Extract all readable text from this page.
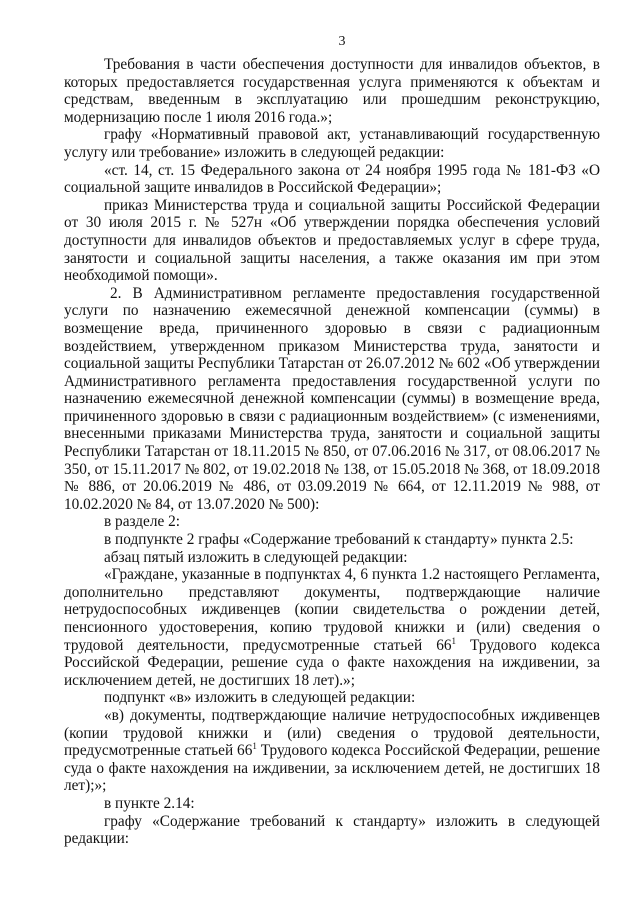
3

Требования в части обеспечения доступности для инвалидов объектов, в которых предоставляется государственная услуга применяются к объектам и средствам, введенным в эксплуатацию или прошедшим реконструкцию, модернизацию после 1 июля 2016 года.»;

графу «Нормативный правовой акт, устанавливающий государственную услугу или требование» изложить в следующей редакции:

«ст. 14, ст. 15 Федерального закона от 24 ноября 1995 года № 181-ФЗ «О социальной защите инвалидов в Российской Федерации»;

приказ Министерства труда и социальной защиты Российской Федерации от 30 июля 2015 г. № 527н «Об утверждении порядка обеспечения условий доступности для инвалидов объектов и предоставляемых услуг в сфере труда, занятости и социальной защиты населения, а также оказания им при этом необходимой помощи».

2. В Административном регламенте предоставления государственной услуги по назначению ежемесячной денежной компенсации (суммы) в возмещение вреда, причиненного здоровью в связи с радиационным воздействием, утвержденном приказом Министерства труда, занятости и социальной защиты Республики Татарстан от 26.07.2012 № 602 «Об утверждении Административного регламента предоставления государственной услуги по назначению ежемесячной денежной компенсации (суммы) в возмещение вреда, причиненного здоровью в связи с радиационным воздействием» (с изменениями, внесенными приказами Министерства труда, занятости и социальной защиты Республики Татарстан от 18.11.2015 № 850, от 07.06.2016 № 317, от 08.06.2017 № 350, от 15.11.2017 № 802, от 19.02.2018 № 138, от 15.05.2018 № 368, от 18.09.2018 № 886, от 20.06.2019 № 486, от 03.09.2019 № 664, от 12.11.2019 № 988, от 10.02.2020 № 84, от 13.07.2020 № 500):

в разделе 2:

в подпункте 2 графы «Содержание требований к стандарту» пункта 2.5:

абзац пятый изложить в следующей редакции:

«Граждане, указанные в подпунктах 4, 6 пункта 1.2 настоящего Регламента, дополнительно представляют документы, подтверждающие наличие нетрудоспособных иждивенцев (копии свидетельства о рождении детей, пенсионного удостоверения, копию трудовой книжки и (или) сведения о трудовой деятельности, предусмотренные статьей $66^1$ Трудового кодекса Российской Федерации, решение суда о факте нахождения на иждивении, за исключением детей, не достигших 18 лет).»;

подпункт «в» изложить в следующей редакции:

«в) документы, подтверждающие наличие нетрудоспособных иждивенцев (копии трудовой книжки и (или) сведения о трудовой деятельности, предусмотренные статьей $66^1$ Трудового кодекса Российской Федерации, решение суда о факте нахождения на иждивении, за исключением детей, не достигших 18 лет);»;

в пункте 2.14:

графу «Содержание требований к стандарту» изложить в следующей редакции:
